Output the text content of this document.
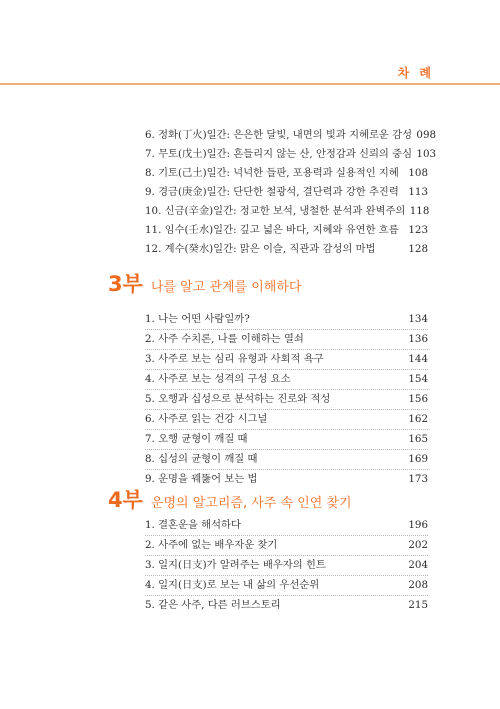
차 례
6. 정화(丁火)일간: 은은한 달빛, 내면의 빛과 지혜로운 감성 098
7. 무토(戊土)일간: 흔들리지 않는 산, 안정감과 신뢰의 중심 103
8. 기토(己土)일간: 넉넉한 들판, 포용력과 실용적인 지혜 108
9. 경금(庚金)일간: 단단한 철광석, 결단력과 강한 추진력 113
10. 신금(辛金)일간: 정교한 보석, 냉철한 분석과 완벽주의 118
11. 임수(壬水)일간: 깊고 넓은 바다, 지혜와 유연한 흐름 123
12. 계수(癸水)일간: 맑은 이슬, 직관과 감성의 마법	128
3부 나를 알고 관계를 이해하다
1. 나는 어떤 사람일까?	134
2. 사주 수치론, 나를 이해하는 열쇠	136
3. 사주로 보는 심리 유형과 사회적 욕구	144
4. 사주로 보는 성격의 구성 요소	154
5. 오행과 십성으로 분석하는 진로와 적성	156
6. 사주로 읽는 건강 시그널	162
7. 오행 균형이 깨질 때	165
8. 십성의 균형이 깨질 때	169
9. 운명을 꿰뚫어 보는 법	173
4부 운명의 알고리즘, 사주 속 인연 찾기
1. 결혼운을 해석하다	196
2. 사주에 없는 배우자운 찾기	202
3. 일지(日支)가 알려주는 배우자의 힌트	204
4. 일지(日支)로 보는 내 삶의 우선순위	208
5. 같은 사주, 다른 러브스토리	215
